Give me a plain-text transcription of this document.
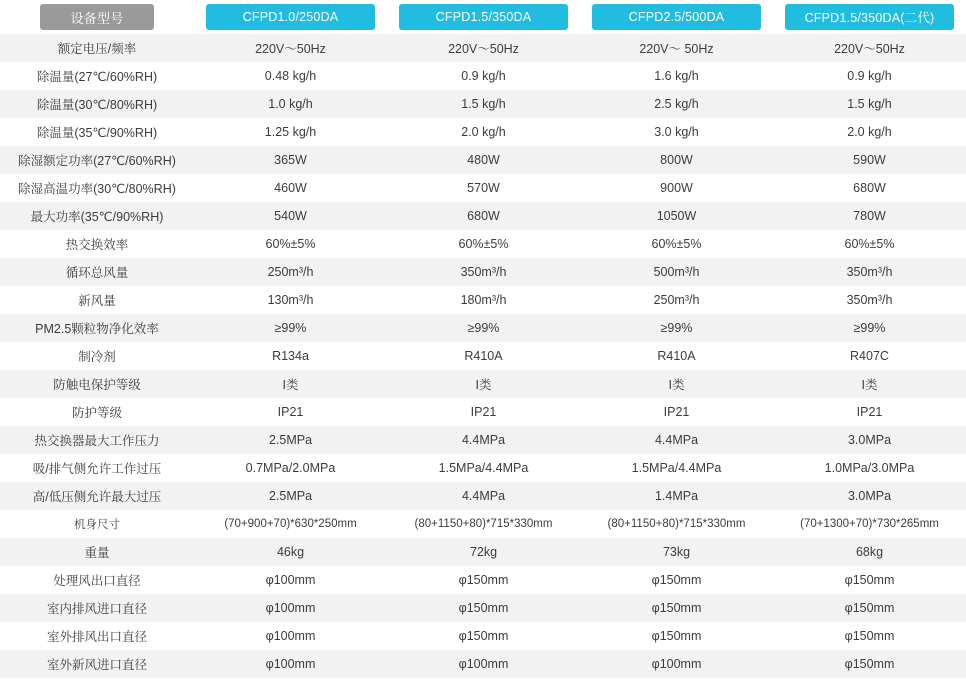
设备型号	CFPD1.0/250DA	CFPD1.5/350DA	CFPD2.5/500DA	CFPD1.5/350DA(二代)

额定电压/频率	220V～50Hz	220V～50Hz	220V～ 50Hz	220V～50Hz
除温量(27℃/60%RH)	0.48 kg/h	0.9 kg/h	1.6 kg/h	0.9 kg/h
除温量(30℃/80%RH)	1.0 kg/h	1.5 kg/h	2.5 kg/h	1.5 kg/h
除温量(35℃/90%RH)	1.25 kg/h	2.0 kg/h	3.0 kg/h	2.0 kg/h
除湿额定功率(27℃/60%RH)	365W	480W	800W	590W
除湿高温功率(30℃/80%RH)	460W	570W	900W	680W
最大功率(35℃/90%RH)	540W	680W	1050W	780W
热交换效率	60%±5%	60%±5%	60%±5%	60%±5%
循环总风量	250m³/h	350m³/h	500m³/h	350m³/h
新风量	130m³/h	180m³/h	250m³/h	350m³/h
PM2.5颗粒物净化效率	≥99%	≥99%	≥99%	≥99%
制冷剂	R134a	R410A	R410A	R407C
防触电保护等级	I类	I类	I类	I类
防护等级	IP21	IP21	IP21	IP21
热交换器最大工作压力	2.5MPa	4.4MPa	4.4MPa	3.0MPa
吸/排气侧允许工作过压	0.7MPa/2.0MPa	1.5MPa/4.4MPa	1.5MPa/4.4MPa	1.0MPa/3.0MPa
高/低压侧允许最大过压	2.5MPa	4.4MPa	1.4MPa	3.0MPa
机身尺寸	(70+900+70)*630*250mm	(80+1150+80)*715*330mm	(80+1150+80)*715*330mm	(70+1300+70)*730*265mm
重量	46kg	72kg	73kg	68kg
处理风出口直径	φ100mm	φ150mm	φ150mm	φ150mm
室内排风进口直径	φ100mm	φ150mm	φ150mm	φ150mm
室外排风出口直径	φ100mm	φ150mm	φ150mm	φ150mm
室外新风进口直径	φ100mm	φ100mm	φ100mm	φ150mm
